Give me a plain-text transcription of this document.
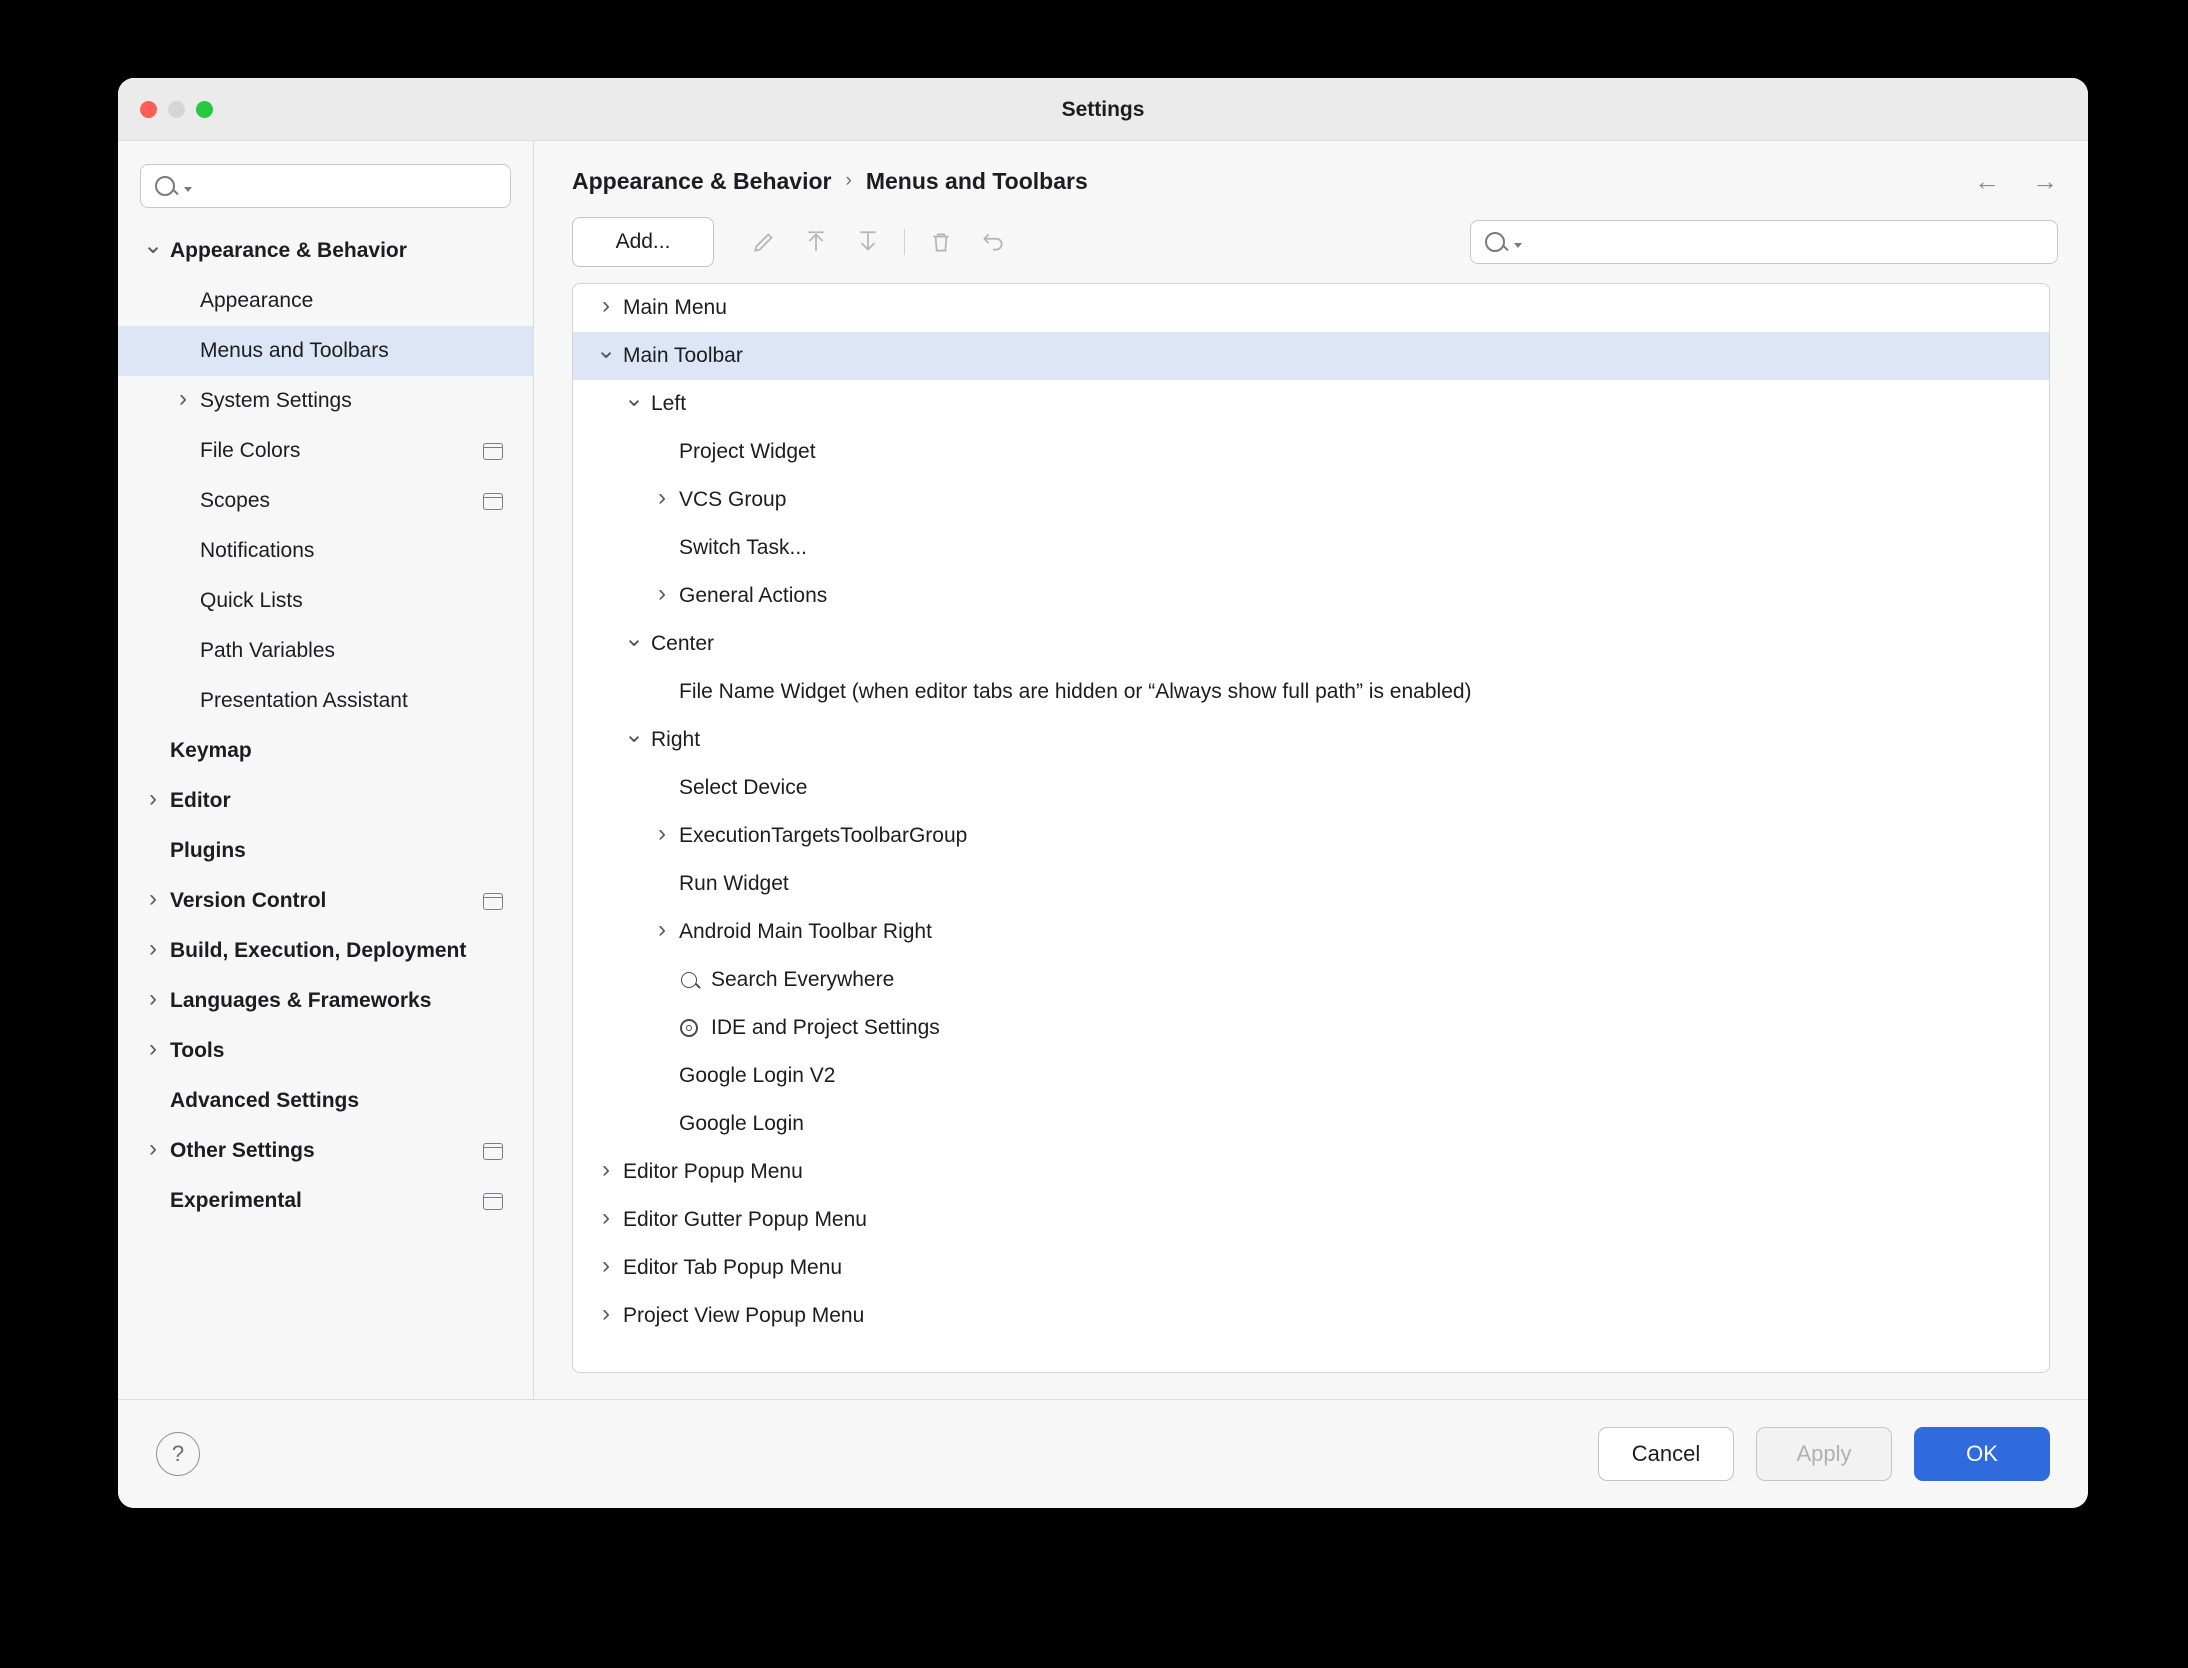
Settings
⌄ Appearance & Behavior
Appearance
Menus and Toolbars
› System Settings
File Colors
Scopes
Notifications
Quick Lists
Path Variables
Presentation Assistant
Keymap
› Editor
Plugins
› Version Control
› Build, Execution, Deployment
› Languages & Frameworks
› Tools
Advanced Settings
› Other Settings
Experimental
Appearance & Behavior › Menus and Toolbars	← →
Add...
› Main Menu
⌄ Main Toolbar
⌄ Left
Project Widget
› VCS Group
Switch Task...
› General Actions
⌄ Center
File Name Widget (when editor tabs are hidden or “Always show full path” is enabled)
⌄ Right
Select Device
› ExecutionTargetsToolbarGroup
Run Widget
› Android Main Toolbar Right
Search Everywhere
IDE and Project Settings
Google Login V2
Google Login
› Editor Popup Menu
› Editor Gutter Popup Menu
› Editor Tab Popup Menu
› Project View Popup Menu
?	Cancel	Apply	OK
